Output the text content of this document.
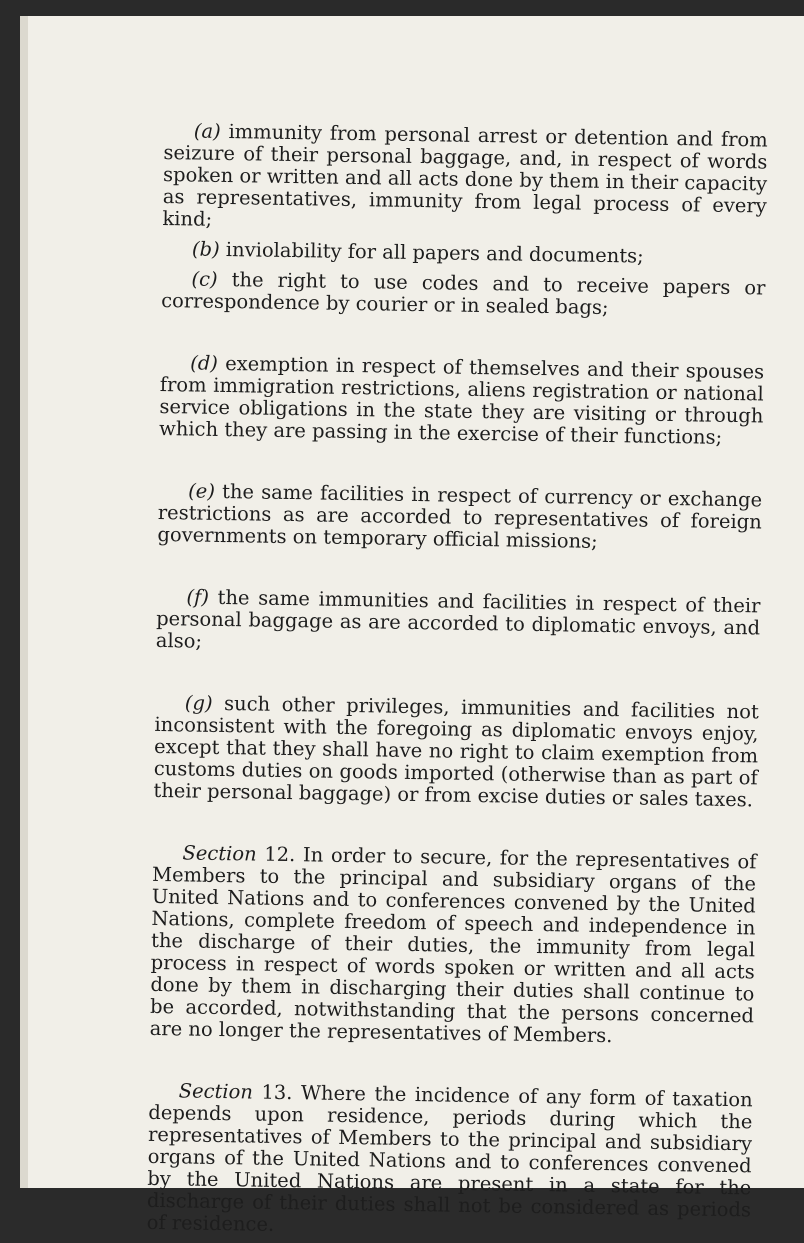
(a) immunity from personal arrest or detention and from seizure of their personal baggage, and, in respect of words spoken or written and all acts done by them in their capacity as representatives, immunity from legal process of every kind;

(b) inviolability for all papers and documents;

(c) the right to use codes and to receive papers or correspondence by courier or in sealed bags;

(d) exemption in respect of themselves and their spouses from immigration restrictions, aliens registration or national service obligations in the state they are visiting or through which they are passing in the exercise of their functions;

(e) the same facilities in respect of currency or exchange restrictions as are accorded to representatives of foreign governments on temporary official missions;

(f) the same immunities and facilities in respect of their personal baggage as are accorded to diplomatic envoys, and also;

(g) such other privileges, immunities and facilities not inconsistent with the foregoing as diplomatic envoys enjoy, except that they shall have no right to claim exemption from customs duties on goods imported (otherwise than as part of their personal baggage) or from excise duties or sales taxes.

Section 12. In order to secure, for the representatives of Members to the principal and subsidiary organs of the United Nations and to conferences convened by the United Nations, complete freedom of speech and independence in the discharge of their duties, the immunity from legal process in respect of words spoken or written and all acts done by them in discharging their duties shall continue to be accorded, notwithstanding that the persons concerned are no longer the representatives of Members.

Section 13. Where the incidence of any form of taxation depends upon residence, periods during which the representatives of Members to the principal and subsidiary organs of the United Nations and to conferences convened by the United Nations are present in a state for the discharge of their duties shall not be considered as periods of residence.
